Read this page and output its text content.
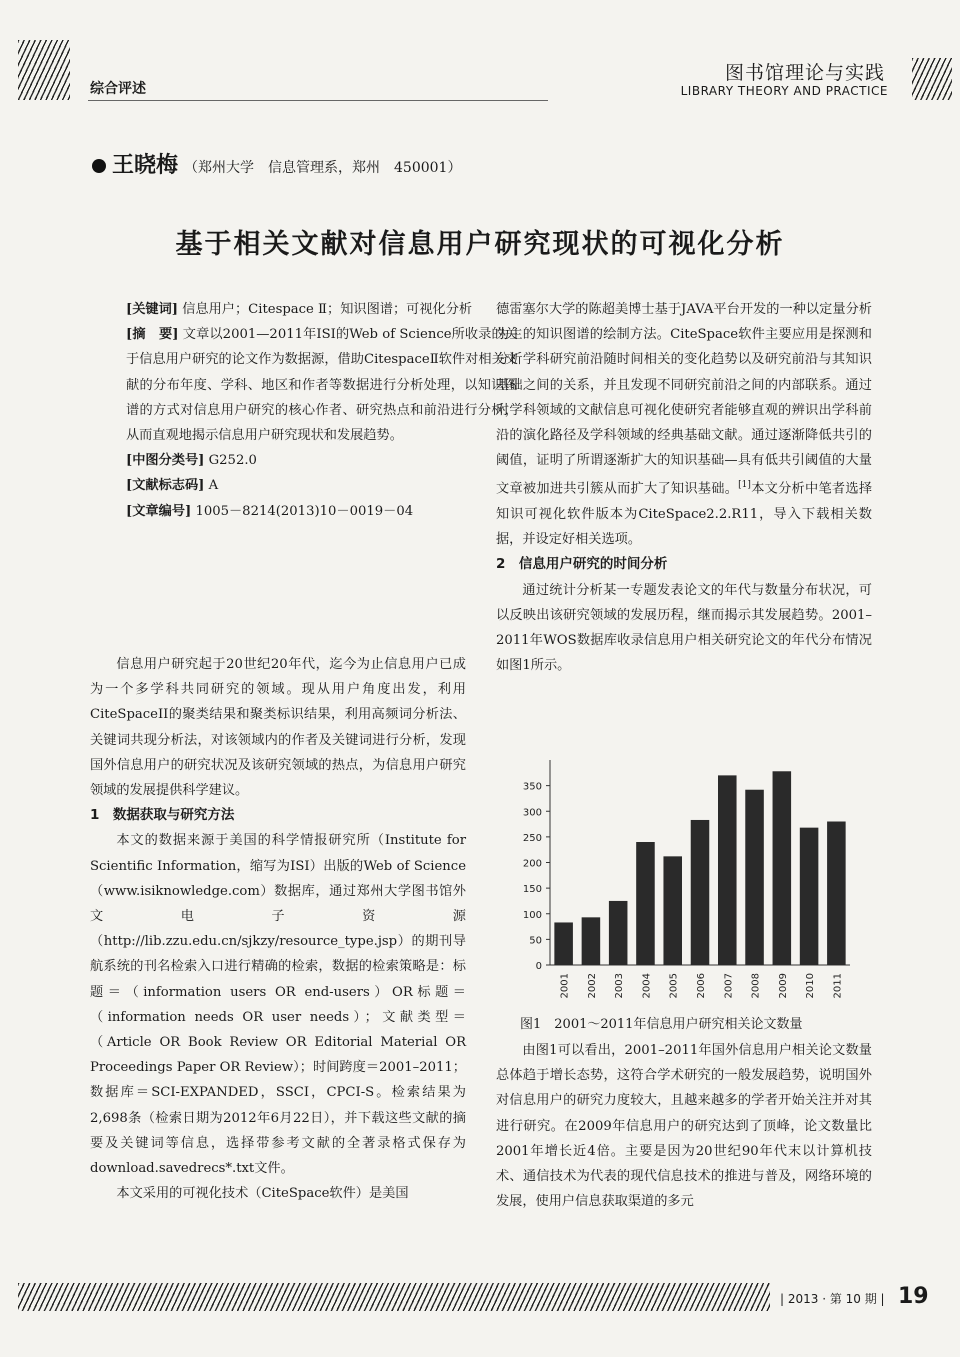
综合评述
图书馆理论与实践
LIBRARY THEORY AND PRACTICE
王晓梅 （郑州大学　信息管理系，郑州　450001）
基于相关文献对信息用户研究现状的可视化分析

[关键词] 信息用户；Citespace Ⅱ；知识图谱；可视化分析

[摘　要] 文章以2001—2011年ISI的Web of Science所收录的关于信息用户研究的论文作为数据源，借助CitespaceⅡ软件对相关文献的分布年度、学科、地区和作者等数据进行分析处理，以知识图谱的方式对信息用户研究的核心作者、研究热点和前沿进行分析，从而直观地揭示信息用户研究现状和发展趋势。

[中图分类号] G252.0

[文献标志码] A

[文章编号] 1005－8214(2013)10－0019－04

信息用户研究起于20世纪20年代，迄今为止信息用户已成为一个多学科共同研究的领域。现从用户角度出发，利用CiteSpaceII的聚类结果和聚类标识结果，利用高频词分析法、关键词共现分析法，对该领域内的作者及关键词进行分析，发现国外信息用户的研究状况及该研究领域的热点，为信息用户研究领域的发展提供科学建议。

1　数据获取与研究方法

本文的数据来源于美国的科学情报研究所（Institute for Scientific Information，缩写为ISI）出版的Web of Science（www.isiknowledge.com）数据库，通过郑州大学图书馆外文电子资源（http://lib.zzu.edu.cn/sjkzy/resource_type.jsp）的期刊导航系统的刊名检索入口进行精确的检索，数据的检索策略是：标题＝（information users OR end-users）OR标题＝（information needs OR user needs）；文献类型＝（Article OR Book Review OR Editorial Material OR Proceedings Paper OR Review）；时间跨度＝2001–2011；数据库＝SCI-EXPANDED，SSCI，CPCI-S。检索结果为2,698条（检索日期为2012年6月22日），并下载这些文献的摘要及关键词等信息，选择带参考文献的全著录格式保存为download.savedrecs*.txt文件。

本文采用的可视化技术（CiteSpace软件）是美国

德雷塞尔大学的陈超美博士基于JAVA平台开发的一种以定量分析为主的知识图谱的绘制方法。CiteSpace软件主要应用是探测和分析学科研究前沿随时间相关的变化趋势以及研究前沿与其知识基础之间的关系，并且发现不同研究前沿之间的内部联系。通过对学科领域的文献信息可视化使研究者能够直观的辨识出学科前沿的演化路径及学科领域的经典基础文献。通过逐渐降低共引的阈值，证明了所谓逐渐扩大的知识基础—具有低共引阈值的大量文章被加进共引簇从而扩大了知识基础。[1]本文分析中笔者选择知识可视化软件版本为CiteSpace2.2.R11，导入下载相关数据，并设定好相关选项。

2　信息用户研究的时间分析

通过统计分析某一专题发表论文的年代与数量分布状况，可以反映出该研究领域的发展历程，继而揭示其发展趋势。2001–2011年WOS数据库收录信息用户相关研究论文的年代分布情况如图1所示。

0
50
100
150
200
250
300
350
2001 2002 2003 2004 2005 2006 2007 2008 2009 2010 2011
图1　2001～2011年信息用户研究相关论文数量

由图1可以看出，2001–2011年国外信息用户相关论文数量总体趋于增长态势，这符合学术研究的一般发展趋势，说明国外对信息用户的研究力度较大，且越来越多的学者开始关注并对其进行研究。在2009年信息用户的研究达到了顶峰，论文数量比2001年增长近4倍。主要是因为20世纪90年代末以计算机技术、通信技术为代表的现代信息技术的推进与普及，网络环境的发展，使用户信息获取渠道的多元

| 2013 · 第 10 期 | 19
